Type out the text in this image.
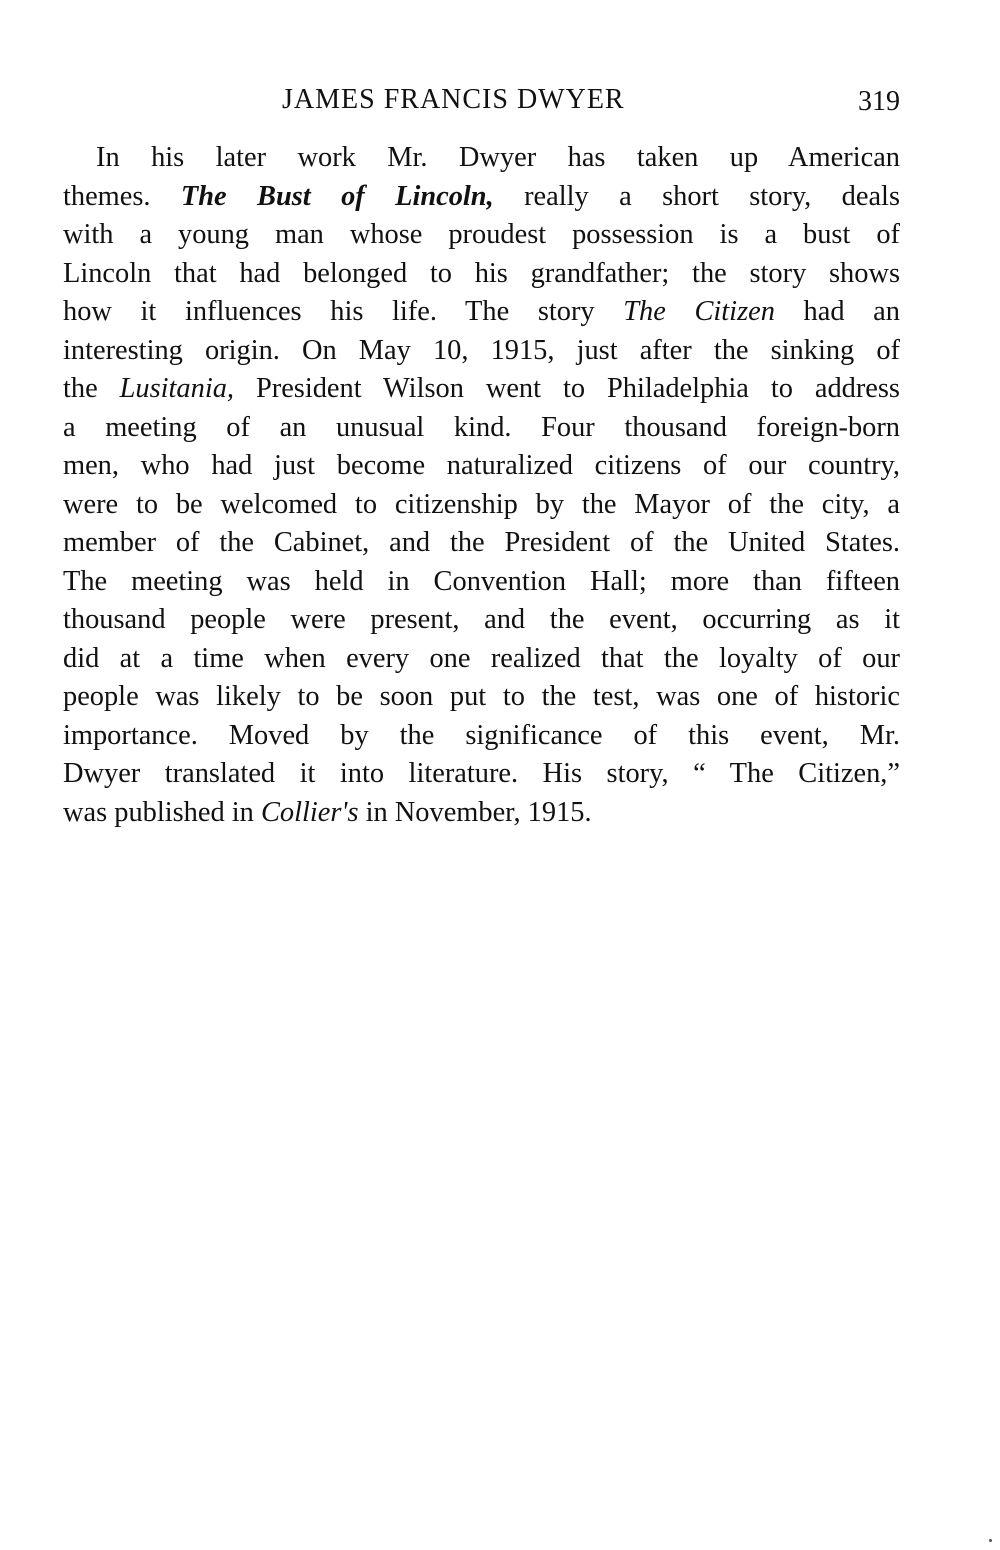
JAMES FRANCIS DWYER	319
In his later work Mr. Dwyer has taken up American
themes. The Bust of Lincoln, really a short story, deals
with a young man whose proudest possession is a bust of
Lincoln that had belonged to his grandfather; the story shows
how it influences his life. The story The Citizen had an
interesting origin. On May 10, 1915, just after the sinking of
the Lusitania, President Wilson went to Philadelphia to address
a meeting of an unusual kind. Four thousand foreign-born
men, who had just become naturalized citizens of our country,
were to be welcomed to citizenship by the Mayor of the city, a
member of the Cabinet, and the President of the United States.
The meeting was held in Convention Hall; more than fifteen
thousand people were present, and the event, occurring as it
did at a time when every one realized that the loyalty of our
people was likely to be soon put to the test, was one of historic
importance. Moved by the significance of this event, Mr.
Dwyer translated it into literature. His story, “ The Citizen,”
was published in Collier's in November, 1915.
